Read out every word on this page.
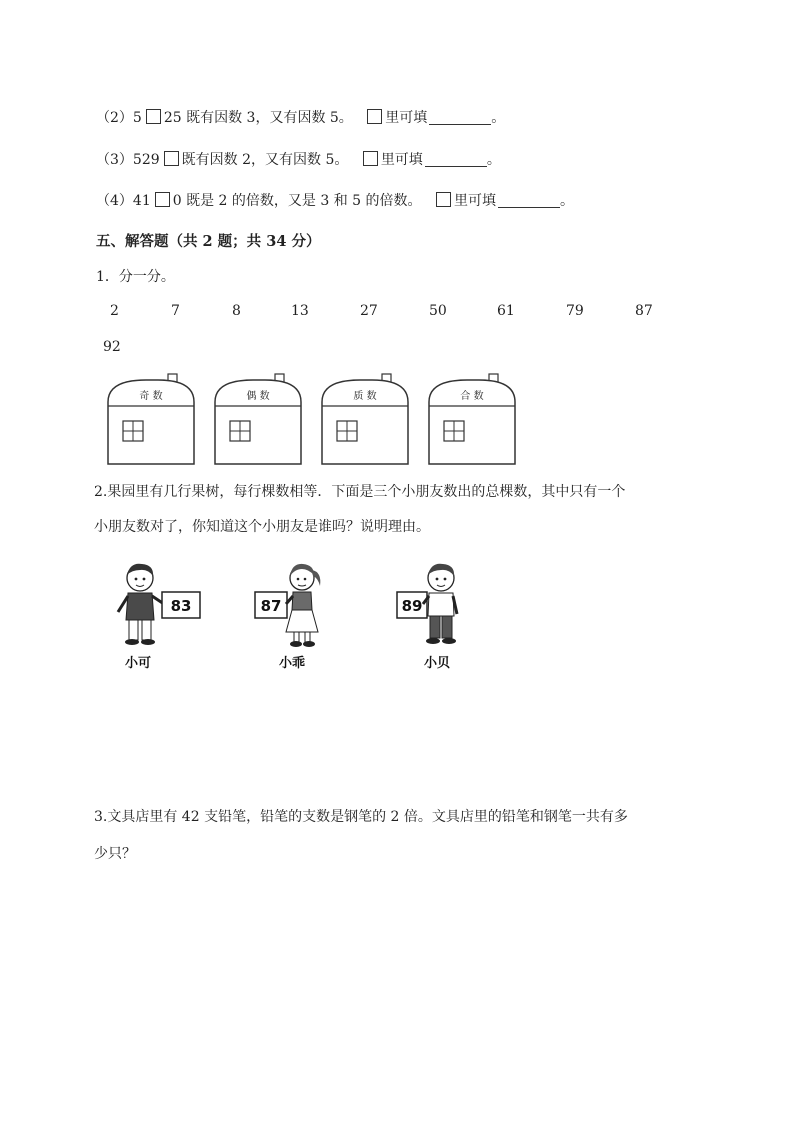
（2）5 25 既有因数 3，又有因数 5。 里可填	。
（3）529 既有因数 2，又有因数 5。 里可填	。
（4）41 0 既是 2 的倍数，又是 3 和 5 的倍数。 里可填	。
五、解答题（共 2 题；共 34 分）
1．分一分。
2	7	8	13	27	50	61	79	87
92
奇 数	偶 数	质 数	合 数
2.果园里有几行果树，每行棵数相等．下面是三个小朋友数出的总棵数，其中只有一个
小朋友数对了，你知道这个小朋友是谁吗？说明理由。
83
小可
87
小乖
89
小贝
3.文具店里有 42 支铅笔，铅笔的支数是钢笔的 2 倍。文具店里的铅笔和钢笔一共有多
少只？
